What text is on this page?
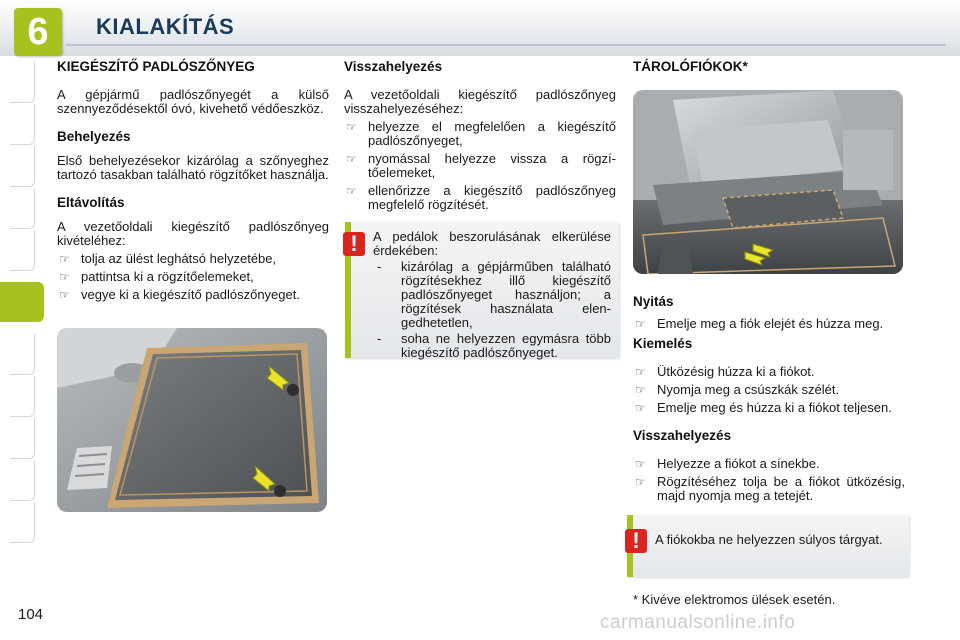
6	KIALAKÍTÁS
KIEGÉSZÍTŐ PADLÓSZŐNYEG

A gépjármű padlószőnyegét a külső szennyeződésektől óvó, kivehető védőeszköz.

Behelyezés

Első behelyezésekor kizárólag a szőnyeghez tartozó tasakban található rögzítőket használja.

Eltávolítás

A vezetőoldali kiegészítő padlószőnyeg kivételéhez:

☞ tolja az ülést leghátsó helyzetébe,
☞ pattintsa ki a rögzítőelemeket,
☞ vegye ki a kiegészítő padlószőnyeget.
Visszahelyezés

A vezetőoldali kiegészítő padlószőnyeg visszahelyezéséhez:

☞ helyezze el megfelelően a kiegészítő padlószőnyeget,
☞ nyomással helyezze vissza a rögzítőelemeket,
☞ ellenőrizze a kiegészítő padlószőnyeg megfelelő rögzítését.
!	A pedálok beszorulásának elkerülése érdekében:

- kizárólag a gépjárműben található rögzítésekhez illő kiegészítő padlószőnyeget használjon; a rögzítések használata elengedhetetlen,
- soha ne helyezzen egymásra több kiegészítő padlószőnyeget.
TÁROLÓFIÓKOK*
Nyitás
☞ Emelje meg a fiók elejét és húzza meg.
Kiemelés
☞ Ütközésig húzza ki a fiókot.
☞ Nyomja meg a csúszkák szélét.
☞ Emelje meg és húzza ki a fiókot teljesen.
Visszahelyezés
☞ Helyezze a fiókot a sínekbe.
☞ Rögzítéséhez tolja be a fiókot ütközésig, majd nyomja meg a tetejét.
!	A fiókokba ne helyezzen súlyos tárgyat.

* Kivéve elektromos ülések esetén.
104	carmanualsonline.info
